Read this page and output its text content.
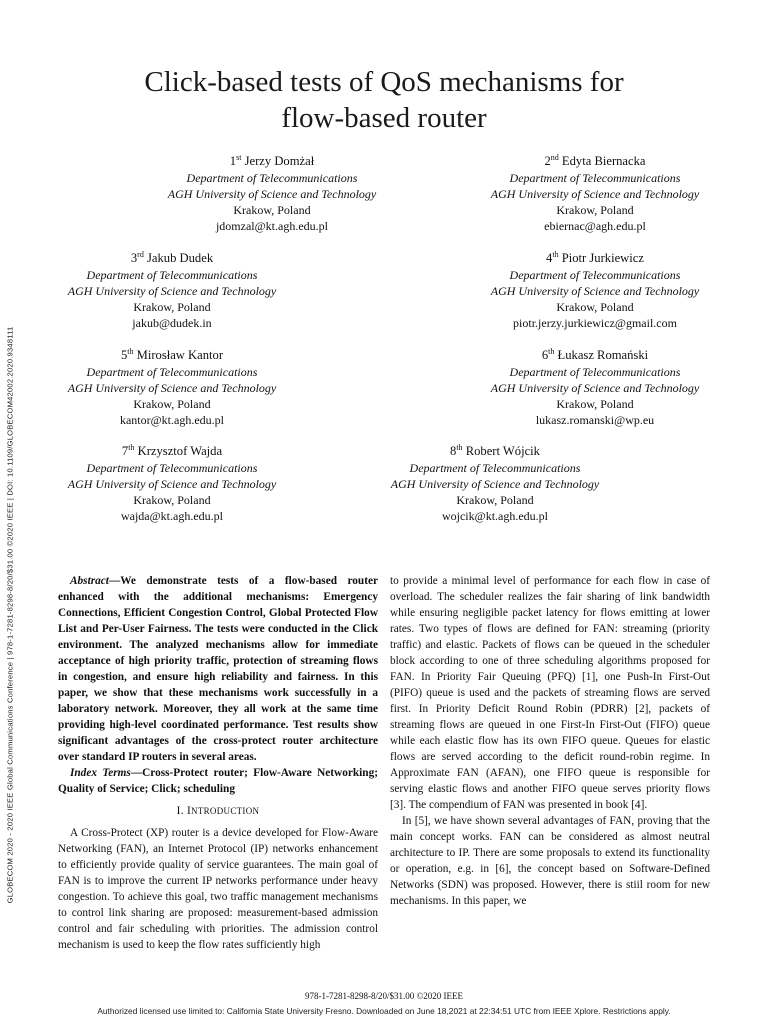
GLOBECOM 2020 - 2020 IEEE Global Communications Conference | 978-1-7281-8298-8/20/$31.00 ©2020 IEEE | DOI: 10.1109/GLOBECOM42002.2020.9348111
Click-based tests of QoS mechanisms for
flow-based router
1st Jerzy Domżał
Department of Telecommunications
AGH University of Science and Technology
Krakow, Poland
jdomzal@kt.agh.edu.pl
2nd Edyta Biernacka
Department of Telecommunications
AGH University of Science and Technology
Krakow, Poland
ebiernac@agh.edu.pl
3rd Jakub Dudek
Department of Telecommunications
AGH University of Science and Technology
Krakow, Poland
jakub@dudek.in
4th Piotr Jurkiewicz
Department of Telecommunications
AGH University of Science and Technology
Krakow, Poland
piotr.jerzy.jurkiewicz@gmail.com
5th Mirosław Kantor
Department of Telecommunications
AGH University of Science and Technology
Krakow, Poland
kantor@kt.agh.edu.pl
6th Łukasz Romański
Department of Telecommunications
AGH University of Science and Technology
Krakow, Poland
lukasz.romanski@wp.eu
7th Krzysztof Wajda
Department of Telecommunications
AGH University of Science and Technology
Krakow, Poland
wajda@kt.agh.edu.pl
8th Robert Wójcik
Department of Telecommunications
AGH University of Science and Technology
Krakow, Poland
wojcik@kt.agh.edu.pl

Abstract—We demonstrate tests of a flow-based router enhanced with the additional mechanisms: Emergency Connections, Efficient Congestion Control, Global Protected Flow List and Per-User Fairness. The tests were conducted in the Click environment. The analyzed mechanisms allow for immediate acceptance of high priority traffic, protection of streaming flows in congestion, and ensure high reliability and fairness. In this paper, we show that these mechanisms work successfully in a laboratory network. Moreover, they all work at the same time providing high-level coordinated performance. Test results show significant advantages of the cross-protect router architecture over standard IP routers in several areas.

Index Terms—Cross-Protect router; Flow-Aware Networking; Quality of Service; Click; scheduling

I. INTRODUCTION

A Cross-Protect (XP) router is a device developed for Flow-Aware Networking (FAN), an Internet Protocol (IP) networks enhancement to efficiently provide quality of service guarantees. The main goal of FAN is to improve the current IP networks performance under heavy congestion. To achieve this goal, two traffic management mechanisms to control link sharing are proposed: measurement-based admission control and fair scheduling with priorities. The admission control mechanism is used to keep the flow rates sufficiently high

to provide a minimal level of performance for each flow in case of overload. The scheduler realizes the fair sharing of link bandwidth while ensuring negligible packet latency for flows emitting at lower rates. Two types of flows are defined for FAN: streaming (priority traffic) and elastic. Packets of flows can be queued in the scheduler block according to one of three scheduling algorithms proposed for FAN. In Priority Fair Queuing (PFQ) [1], one Push-In First-Out (PIFO) queue is used and the packets of streaming flows are served first. In Priority Deficit Round Robin (PDRR) [2], packets of streaming flows are queued in one First-In First-Out (FIFO) queue while each elastic flow has its own FIFO queue. Queues for elastic flows are served according to the deficit round-robin regime. In Approximate FAN (AFAN), one FIFO queue is responsible for serving elastic flows and another FIFO queue serves priority flows [3]. The compendium of FAN was presented in book [4].

In [5], we have shown several advantages of FAN, proving that the main concept works. FAN can be considered as almost neutral architecture to IP. There are some proposals to extend its functionality or operation, e.g. in [6], the concept based on Software-Defined Networks (SDN) was proposed. However, there is stiil room for new mechanisms. In this paper, we

978-1-7281-8298-8/20/$31.00 ©2020 IEEE
Authorized licensed use limited to: California State University Fresno. Downloaded on June 18,2021 at 22:34:51 UTC from IEEE Xplore. Restrictions apply.
